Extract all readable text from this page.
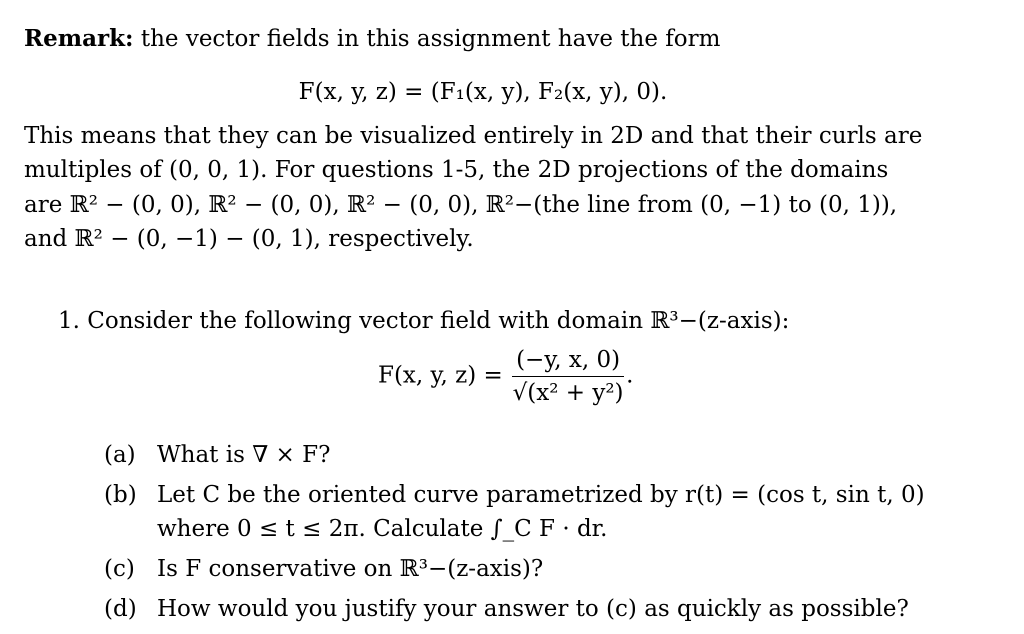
Remark: the vector fields in this assignment have the form
F(x, y, z) = (F₁(x, y), F₂(x, y), 0).
This means that they can be visualized entirely in 2D and that their curls are
multiples of (0, 0, 1). For questions 1-5, the 2D projections of the domains
are ℝ² − (0, 0), ℝ² − (0, 0), ℝ² − (0, 0), ℝ²−(the line from (0, −1) to (0, 1)),
and ℝ² − (0, −1) − (0, 1), respectively.
1. Consider the following vector field with domain ℝ³−(z-axis):
F(x, y, $z) = \frac{(-y, x, 0)}{\text{√(x² + y²)}}$ .
(a) What is ∇ × F?
(b) Let C be the oriented curve parametrized by r(t) = (cos t, sin t, 0)
where 0 ≤ t ≤ 2π. Calculate ∫_C F · dr.
(c) Is F conservative on ℝ³−(z-axis)?
(d) How would you justify your answer to (c) as quickly as possible?
